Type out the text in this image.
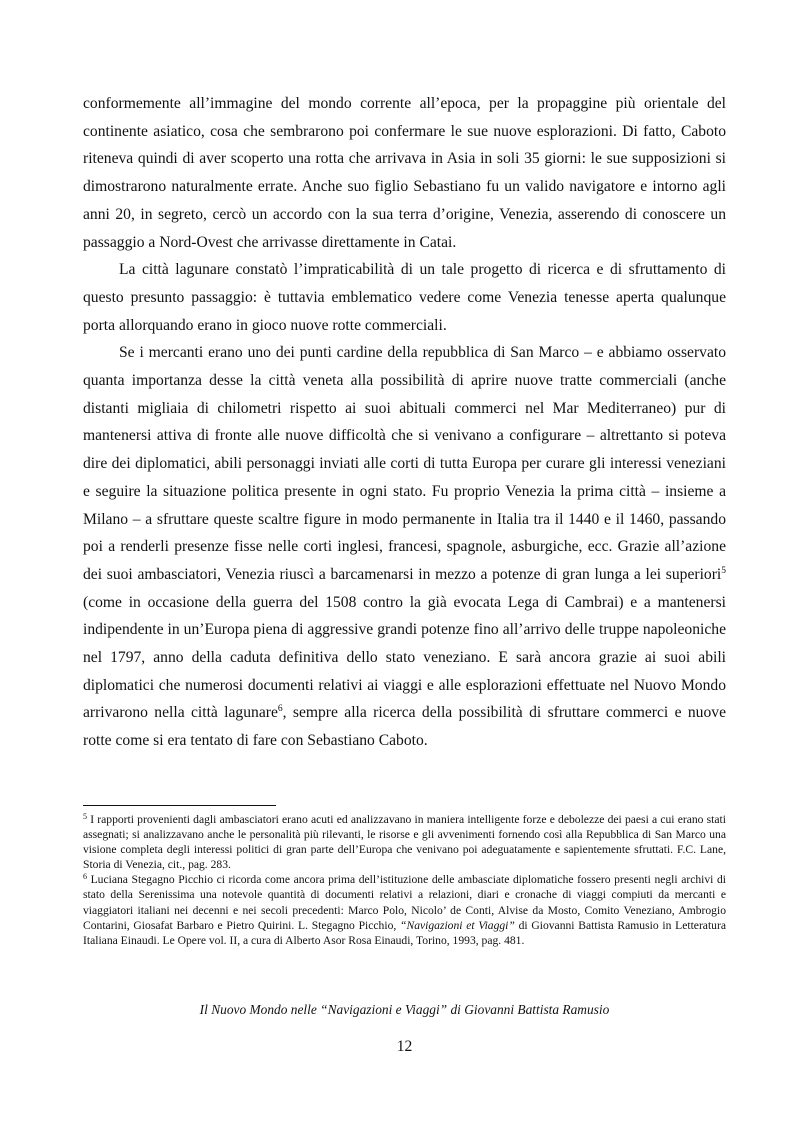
conformemente all’immagine del mondo corrente all’epoca, per la propaggine più orientale del continente asiatico, cosa che sembrarono poi confermare le sue nuove esplorazioni. Di fatto, Caboto riteneva quindi di aver scoperto una rotta che arrivava in Asia in soli 35 giorni: le sue supposizioni si dimostrarono naturalmente errate. Anche suo figlio Sebastiano fu un valido navigatore e intorno agli anni 20, in segreto, cercò un accordo con la sua terra d’origine, Venezia, asserendo di conoscere un passaggio a Nord-Ovest che arrivasse direttamente in Catai.

La città lagunare constatò l’impraticabilità di un tale progetto di ricerca e di sfruttamento di questo presunto passaggio: è tuttavia emblematico vedere come Venezia tenesse aperta qualunque porta allorquando erano in gioco nuove rotte commerciali.

Se i mercanti erano uno dei punti cardine della repubblica di San Marco – e abbiamo osservato quanta importanza desse la città veneta alla possibilità di aprire nuove tratte commerciali (anche distanti migliaia di chilometri rispetto ai suoi abituali commerci nel Mar Mediterraneo) pur di mantenersi attiva di fronte alle nuove difficoltà che si venivano a configurare – altrettanto si poteva dire dei diplomatici, abili personaggi inviati alle corti di tutta Europa per curare gli interessi veneziani e seguire la situazione politica presente in ogni stato. Fu proprio Venezia la prima città – insieme a Milano – a sfruttare queste scaltre figure in modo permanente in Italia tra il 1440 e il 1460, passando poi a renderli presenze fisse nelle corti inglesi, francesi, spagnole, asburgiche, ecc. Grazie all’azione dei suoi ambasciatori, Venezia riuscì a barcamenarsi in mezzo a potenze di gran lunga a lei superiori$^5$ (come in occasione della guerra del 1508 contro la già evocata Lega di Cambrai) e a mantenersi indipendente in un’Europa piena di aggressive grandi potenze fino all’arrivo delle truppe napoleoniche nel 1797, anno della caduta definitiva dello stato veneziano. E sarà ancora grazie ai suoi abili diplomatici che numerosi documenti relativi ai viaggi e alle esplorazioni effettuate nel Nuovo Mondo arrivarono nella città lagunare$^6$, sempre alla ricerca della possibilità di sfruttare commerci e nuove rotte come si era tentato di fare con Sebastiano Caboto.

$^5$ I rapporti provenienti dagli ambasciatori erano acuti ed analizzavano in maniera intelligente forze e debolezze dei paesi a cui erano stati assegnati; si analizzavano anche le personalità più rilevanti, le risorse e gli avvenimenti fornendo così alla Repubblica di San Marco una visione completa degli interessi politici di gran parte dell’Europa che venivano poi adeguatamente e sapientemente sfruttati. F.C. Lane, Storia di Venezia, cit., pag. 283.

$^6$ Luciana Stegagno Picchio ci ricorda come ancora prima dell’istituzione delle ambasciate diplomatiche fossero presenti negli archivi di stato della Serenissima una notevole quantità di documenti relativi a relazioni, diari e cronache di viaggi compiuti da mercanti e viaggiatori italiani nei decenni e nei secoli precedenti: Marco Polo, Nicolo’ de Conti, Alvise da Mosto, Comito Veneziano, Ambrogio Contarini, Giosafat Barbaro e Pietro Quirini. L. Stegagno Picchio, “Navigazioni et Viaggi” di Giovanni Battista Ramusio in Letteratura Italiana Einaudi. Le Opere vol. II, a cura di Alberto Asor Rosa Einaudi, Torino, 1993, pag. 481.

Il Nuovo Mondo nelle “Navigazioni e Viaggi” di Giovanni Battista Ramusio
12
